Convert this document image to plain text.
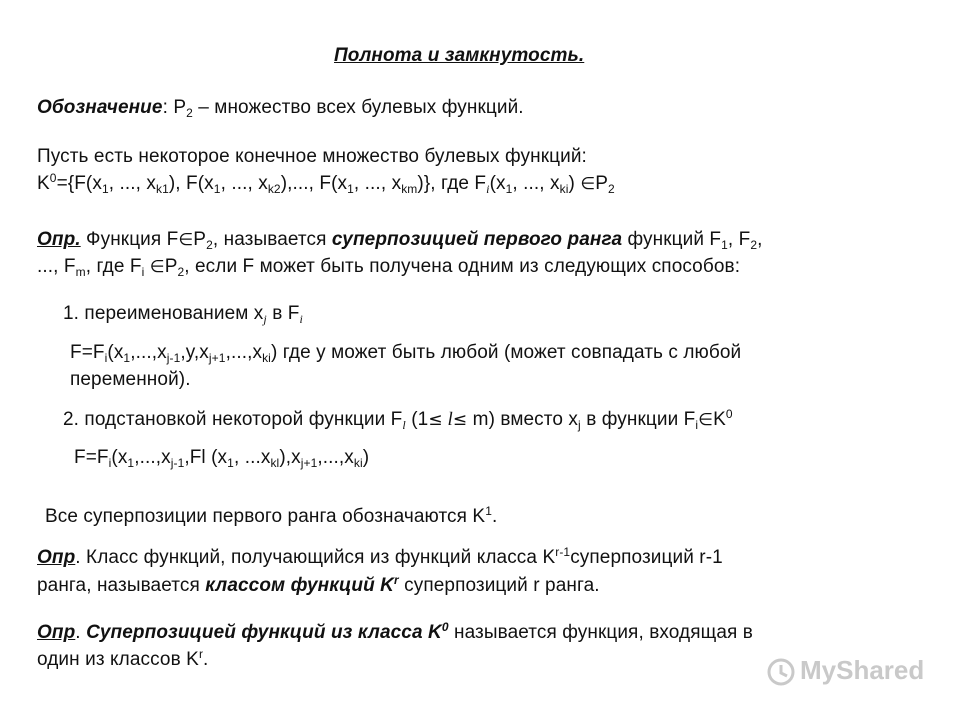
Полнота и замкнутость.
Обозначение: $P_2$ – множество всех булевых функций.
Пусть есть некоторое конечное множество булевых функций:
$K^0=\{F(x_1$, ..., $x_{k1}$), $F(x_1$, ..., $x_{k2}$),..., $F(x_1$, ..., $x_{km}$)}, где $F_i(x_1$, ..., $x_{ki}$) $\in P_2$
Опр. Функция $F\in P_2$, называется суперпозицией первого ранга функций $F_1$, $F_2$,
..., $F_m$, где $F_i$ $\in P_2$, если F может быть получена одним из следующих способов:
1. переименованием $x_j$ в $F_i$
$F=F_i(x_1,...,x_{j-1},y,x_{j+1},...,x_{ki})$ где y может быть любой (может совпадать с любой
переменной).
2. подстановкой некоторой функции $F_l$ (1≤ l≤ m) вместо $x_j$ в функции $F_i\in K^0$
$F=F_i(x_1,...,x_{j-1},Fl$ ($x_1$, $...x_{kl}),x_{j+1},...,x_{ki}$)
Все суперпозиции первого ранга обозначаются $K^1$.
Опр. Класс функций, получающийся из функций класса $K^{r-1}суперпозиций$ r-1
ранга, называется классом функций $K^r$ суперпозиций r ранга.
Опр. Суперпозицией функций из класса $K^0$ называется функция, входящая в
один из классов $K^r$.	MyShared
